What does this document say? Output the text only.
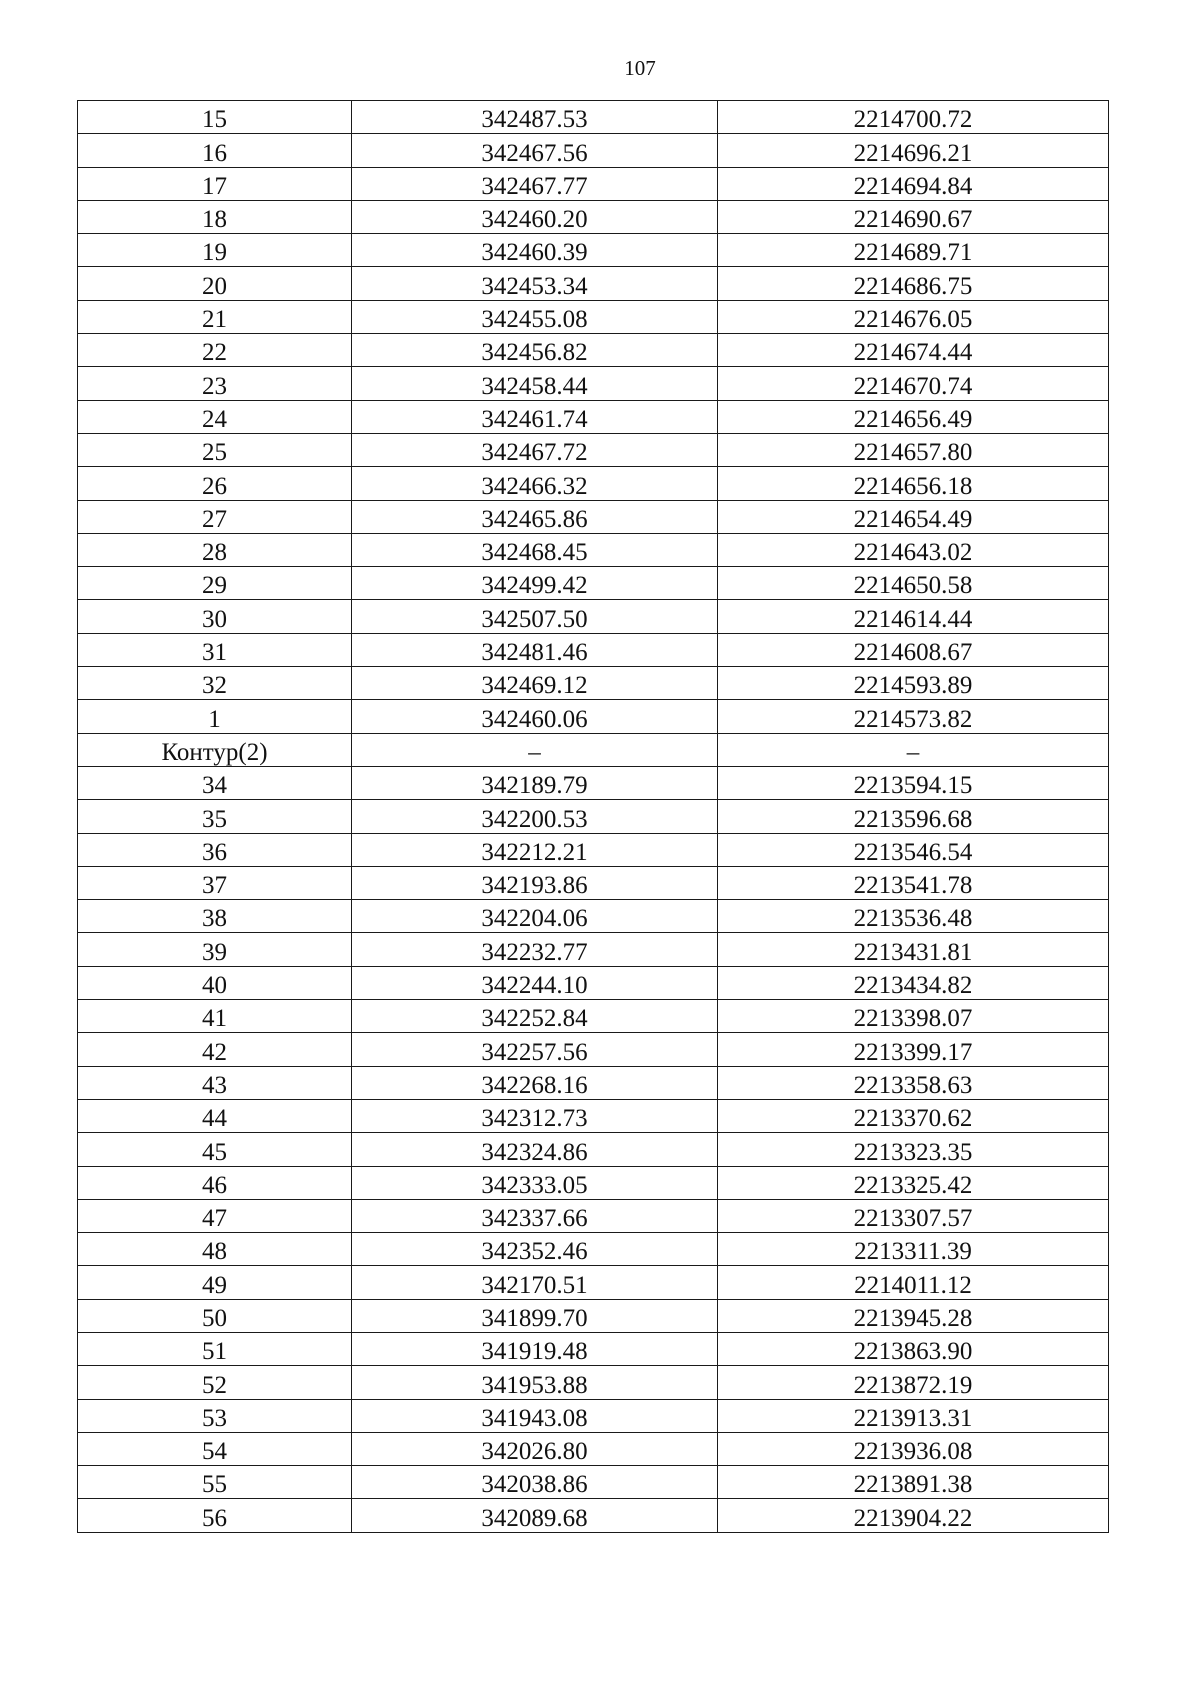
107
15	342487.53	2214700.72
16	342467.56	2214696.21
17	342467.77	2214694.84
18	342460.20	2214690.67
19	342460.39	2214689.71
20	342453.34	2214686.75
21	342455.08	2214676.05
22	342456.82	2214674.44
23	342458.44	2214670.74
24	342461.74	2214656.49
25	342467.72	2214657.80
26	342466.32	2214656.18
27	342465.86	2214654.49
28	342468.45	2214643.02
29	342499.42	2214650.58
30	342507.50	2214614.44
31	342481.46	2214608.67
32	342469.12	2214593.89
1	342460.06	2214573.82
Контур(2)	–	–
34	342189.79	2213594.15
35	342200.53	2213596.68
36	342212.21	2213546.54
37	342193.86	2213541.78
38	342204.06	2213536.48
39	342232.77	2213431.81
40	342244.10	2213434.82
41	342252.84	2213398.07
42	342257.56	2213399.17
43	342268.16	2213358.63
44	342312.73	2213370.62
45	342324.86	2213323.35
46	342333.05	2213325.42
47	342337.66	2213307.57
48	342352.46	2213311.39
49	342170.51	2214011.12
50	341899.70	2213945.28
51	341919.48	2213863.90
52	341953.88	2213872.19
53	341943.08	2213913.31
54	342026.80	2213936.08
55	342038.86	2213891.38
56	342089.68	2213904.22
